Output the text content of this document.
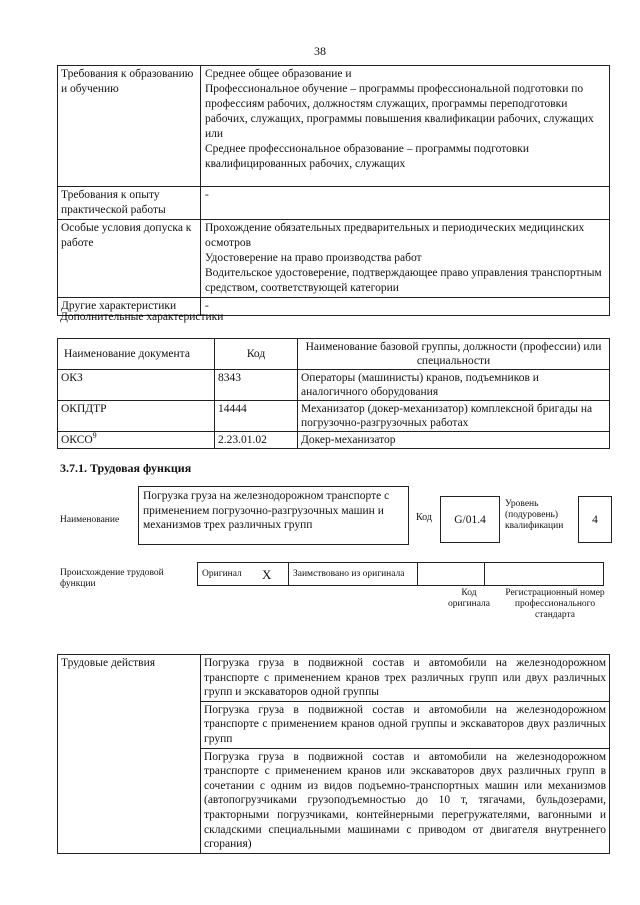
38
Требования к образованию и обучению	Среднее общее образование и
Профессиональное обучение – программы профессиональной подготовки по профессиям рабочих, должностям служащих, программы переподготовки рабочих, служащих, программы повышения квалификации рабочих, служащих
или
Среднее профессиональное образование – программы подготовки квалифицированных рабочих, служащих

Требования к опыту практической работы	-

Особые условия допуска к работе	Прохождение обязательных предварительных и периодических медицинских осмотров
Удостоверение на право производства работ
Водительское удостоверение, подтверждающее право управления транспортным средством, соответствующей категории

Другие характеристики	-
Дополнительные характеристики
Наименование документа	Код	Наименование базовой группы, должности (профессии) или специальности
ОКЗ	8343	Операторы (машинисты) кранов, подъемников и аналогичного оборудования
ОКПДТР	14444	Механизатор (докер-механизатор) комплексной бригады на погрузочно-разгрузочных работах
ОКСО$^9$	2.23.01.02	Докер-механизатор
3.7.1. Трудовая функция
Наименование
Погрузка груза на железнодорожном транспорте с применением погрузочно-разгрузочных машин и механизмов трех различных групп
Код	G/01.4
Уровень (подуровень) квалификации
4
Происхождение трудовой функции
Оригинал	X	Заимствовано из оригинала		
Код оригинала
Регистрационный номер профессионального стандарта
Трудовые действия	Погрузка груза в подвижной состав и автомобили на железнодорожном транспорте с применением кранов трех различных групп или двух различных групп и экскаваторов одной группы
Погрузка груза в подвижной состав и автомобили на железнодорожном транспорте с применением кранов одной группы и экскаваторов двух различных групп
Погрузка груза в подвижной состав и автомобили на железнодорожном транспорте с применением кранов или экскаваторов двух различных групп в сочетании с одним из видов подъемно-транспортных машин или механизмов (автопогрузчиками грузоподъемностью до 10 т, тягачами, бульдозерами, тракторными погрузчиками, контейнерными перегружателями, вагонными и складскими специальными машинами с приводом от двигателя внутреннего сгорания)
